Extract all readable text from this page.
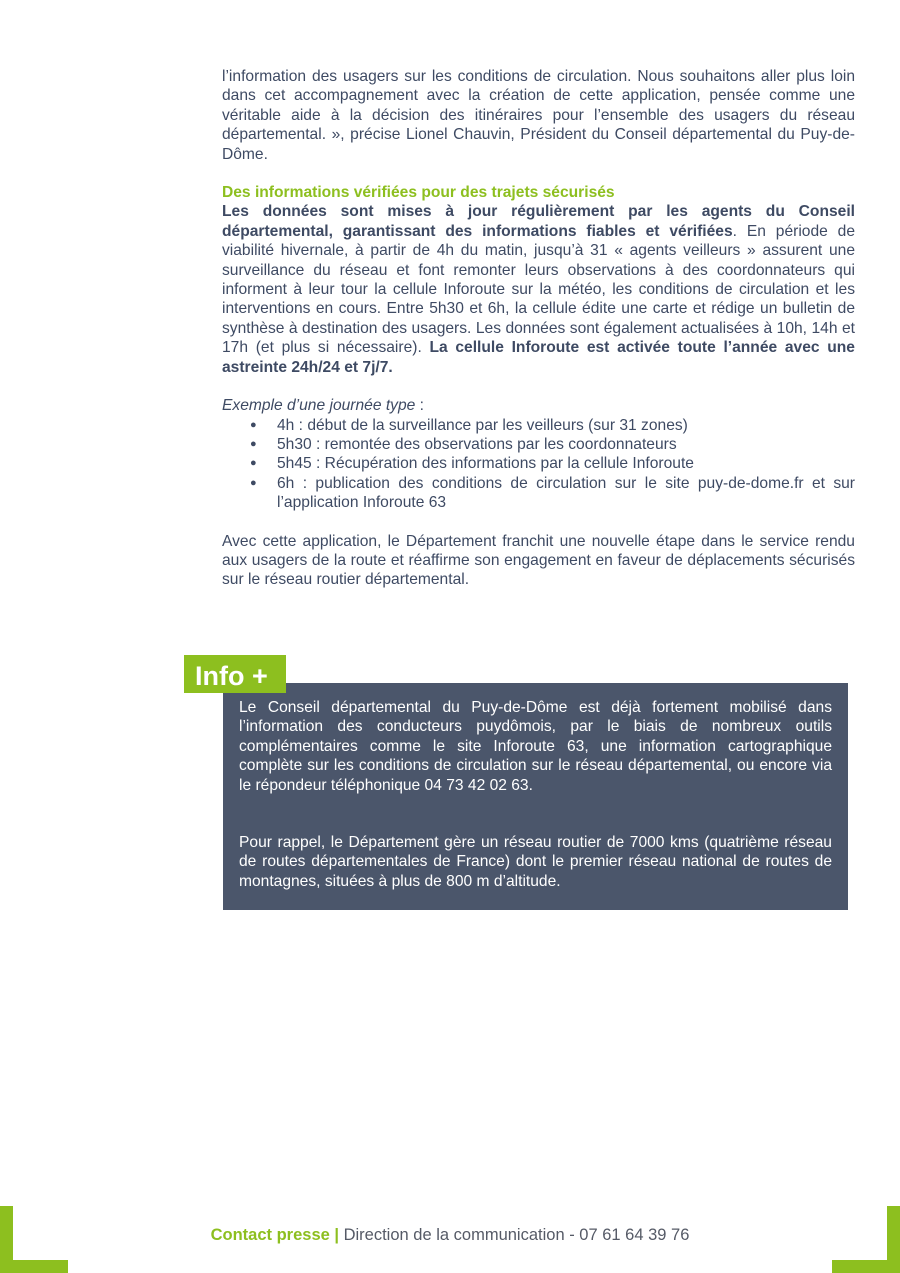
l’information des usagers sur les conditions de circulation. Nous souhaitons aller plus loin dans cet accompagnement avec la création de cette application, pensée comme une véritable aide à la décision des itinéraires pour l’ensemble des usagers du réseau départemental. », précise Lionel Chauvin, Président du Conseil départemental du Puy-de-Dôme.

Des informations vérifiées pour des trajets sécurisés

Les données sont mises à jour régulièrement par les agents du Conseil départemental, garantissant des informations fiables et vérifiées. En période de viabilité hivernale, à partir de 4h du matin, jusqu’à 31 « agents veilleurs » assurent une surveillance du réseau et font remonter leurs observations à des coordonnateurs qui informent à leur tour la cellule Inforoute sur la météo, les conditions de circulation et les interventions en cours. Entre 5h30 et 6h, la cellule édite une carte et rédige un bulletin de synthèse à destination des usagers. Les données sont également actualisées à 10h, 14h et 17h (et plus si nécessaire). La cellule Inforoute est activée toute l’année avec une astreinte 24h/24 et 7j/7.

Exemple d’une journée type :

● 4h : début de la surveillance par les veilleurs (sur 31 zones)
● 5h30 : remontée des observations par les coordonnateurs
● 5h45 : Récupération des informations par la cellule Inforoute
● 6h : publication des conditions de circulation sur le site puy-de-dome.fr et sur l’application Inforoute 63

Avec cette application, le Département franchit une nouvelle étape dans le service rendu aux usagers de la route et réaffirme son engagement en faveur de déplacements sécurisés sur le réseau routier départemental.

Info +

Le Conseil départemental du Puy-de-Dôme est déjà fortement mobilisé dans l’information des conducteurs puydômois, par le biais de nombreux outils complémentaires comme le site Inforoute 63, une information cartographique complète sur les conditions de circulation sur le réseau départemental, ou encore via le répondeur téléphonique 04 73 42 02 63.

Pour rappel, le Département gère un réseau routier de 7000 kms (quatrième réseau de routes départementales de France) dont le premier réseau national de routes de montagnes, situées à plus de 800 m d’altitude.

Contact presse | Direction de la communication - 07 61 64 39 76
